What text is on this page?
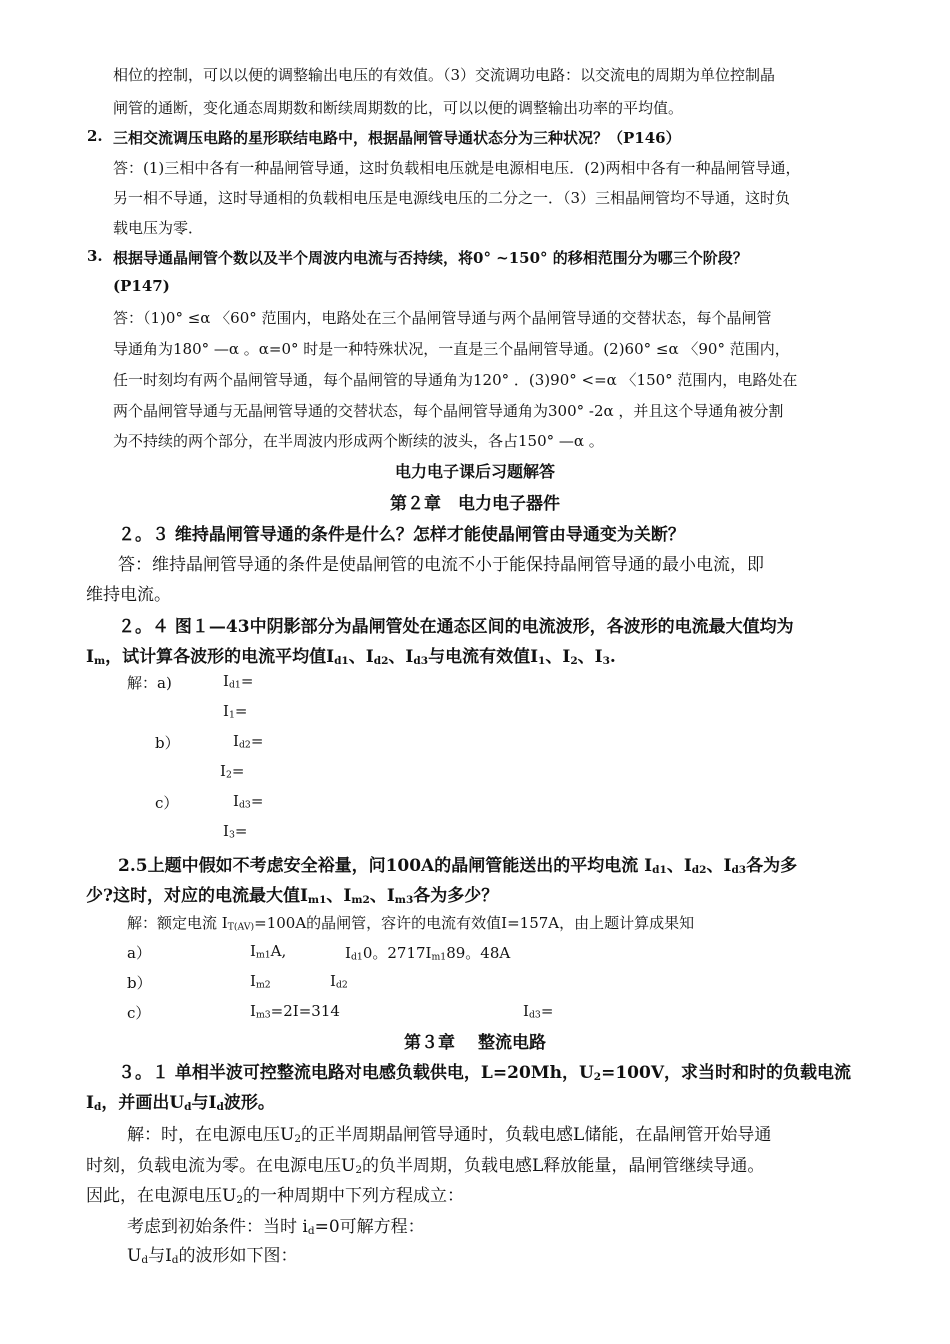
相位的控制，可以以便的调整输出电压的有效值。（3）交流调功电路：以交流电的周期为单位控制晶
闸管的通断，变化通态周期数和断续周期数的比，可以以便的调整输出功率的平均值。
2. 三相交流调压电路的星形联结电路中，根据晶闸管导通状态分为三种状况？（P146）
答：(1)三相中各有一种晶闸管导通，这时负载相电压就是电源相电压．(2)两相中各有一种晶闸管导通，
另一相不导通，这时导通相的负载相电压是电源线电压的二分之一．（3）三相晶闸管均不导通，这时负
载电压为零．
3. 根据导通晶闸管个数以及半个周波内电流与否持续，将0° ~150° 的移相范围分为哪三个阶段？
(P147)
答：（1)0° ≤α 〈60° 范围内，电路处在三个晶闸管导通与两个晶闸管导通的交替状态，每个晶闸管
导通角为180° —α 。α=0° 时是一种特殊状况，一直是三个晶闸管导通。(2)60° ≤α 〈90° 范围内，
任一时刻均有两个晶闸管导通，每个晶闸管的导通角为120° ．(3)90° <=α 〈150° 范围内，电路处在
两个晶闸管导通与无晶闸管导通的交替状态，每个晶闸管导通角为300° -2α ，并且这个导通角被分割
为不持续的两个部分，在半周波内形成两个断续的波头，各占150° —α 。
电力电子课后习题解答
第２章　电力电子器件
２。３ 维持晶闸管导通的条件是什么？怎样才能使晶闸管由导通变为关断？
答：维持晶闸管导通的条件是使晶闸管的电流不小于能保持晶闸管导通的最小电流，即
维持电流。
２。４ 图１—43中阴影部分为晶闸管处在通态区间的电流波形，各波形的电流最大值均为
$I_m$，试计算各波形的电流平均值$I_{d1}$、$I_{d2}$、$I_{d3}$与电流有效值$I_1$、$I_2$、$I_3$.
解：a)	$I_{d1}=$
$I_1=$
b）	$I_{d2}=$
$I_2=$
c）	$I_{d3}=$
$I_3=$
2.5上题中假如不考虑安全裕量，问100A的晶闸管能送出的平均电流 $I_{d1}$、$I_{d2}$、$I_{d3}$各为多
少?这时，对应的电流最大值$I_{m1}$、$I_{m2}$、$I_{m3}$各为多少？
解：额定电流 $I_{T(AV)}=100A$的晶闸管，容许的电流有效值I=157A，由上题计算成果知
a）	$I_{m1}A$,	$I_{d1}0$。$2717I_{m1}89$。48A
b）	$I_{m2}$	$I_{d2}$
c）	$I_{m3}=2I=314$	$I_{d3}=$
第３章　 整流电路
３。１ 单相半波可控整流电路对电感负载供电，L=20Mh，$U_2=100V$，求当时和时的负载电流
$I_d$，并画出$U_d$与$I_d$波形。
解：时，在电源电压$U_2$的正半周期晶闸管导通时，负载电感L储能，在晶闸管开始导通
时刻，负载电流为零。在电源电压$U_2$的负半周期，负载电感L释放能量，晶闸管继续导通。
因此，在电源电压$U_2$的一种周期中下列方程成立：
考虑到初始条件：当时 $i_d=0$可解方程：
$U_d$与$I_d$的波形如下图：
